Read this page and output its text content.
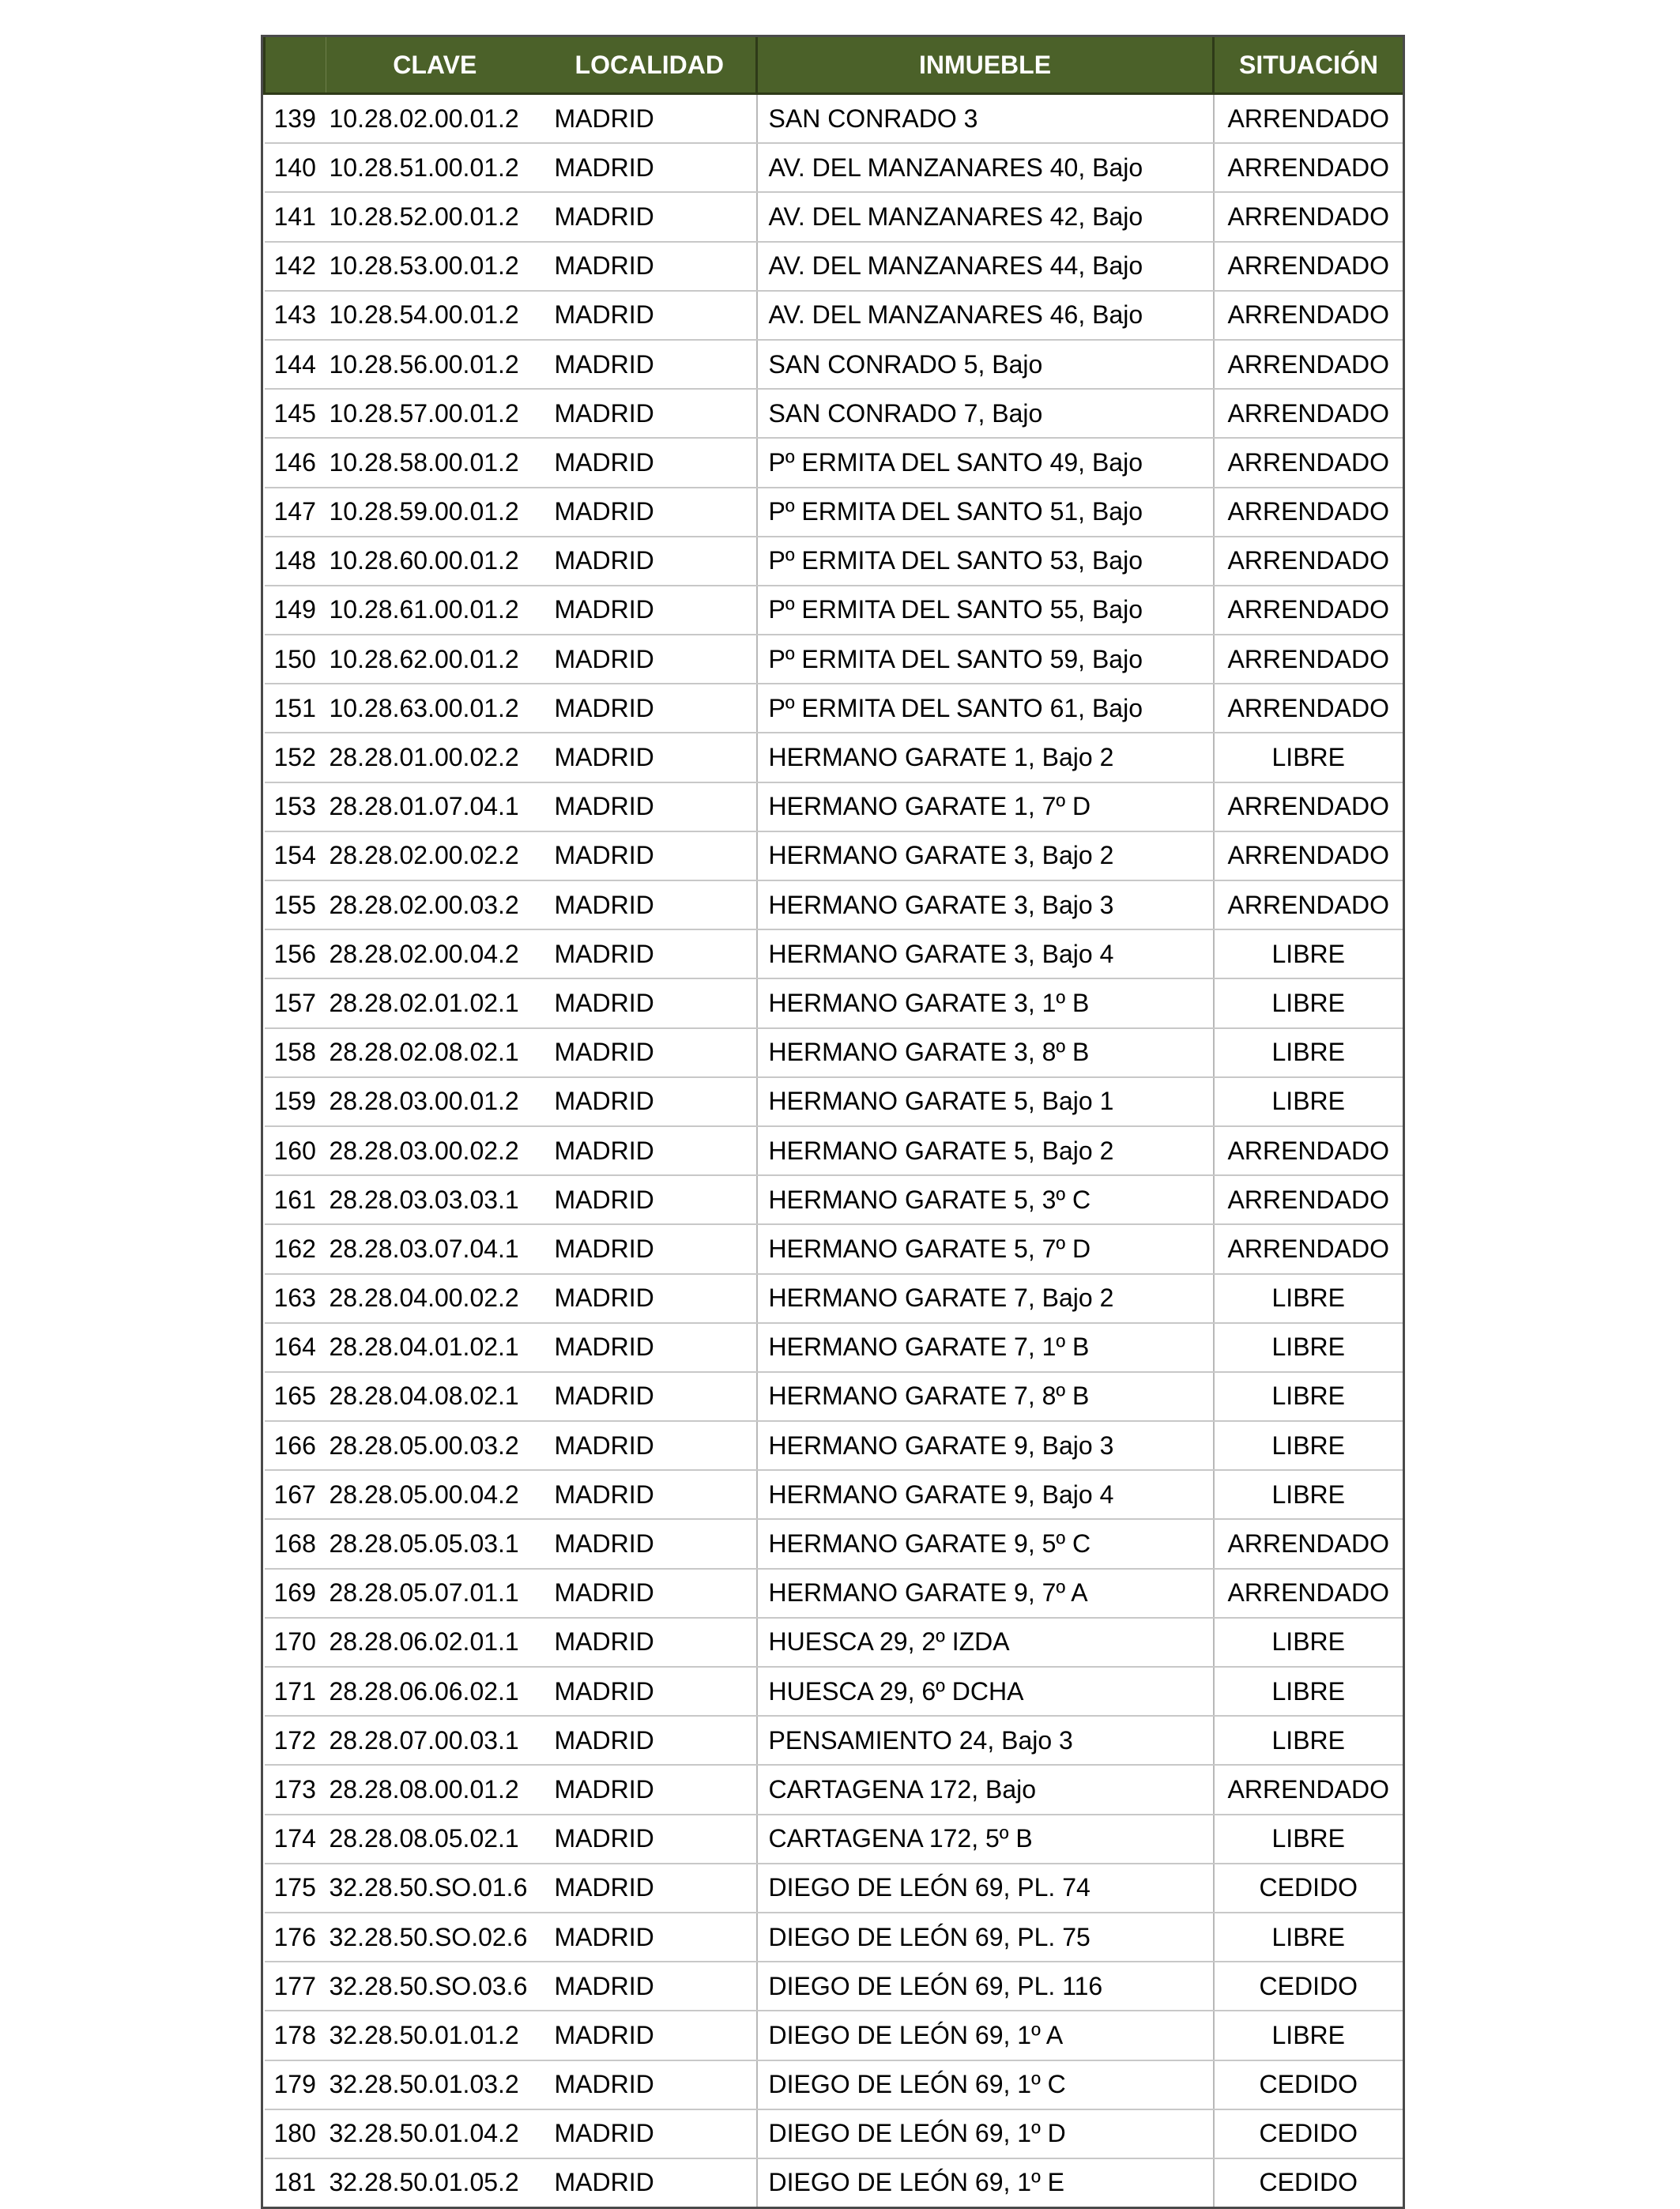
	CLAVE	LOCALIDAD	INMUEBLE	SITUACIÓN
139	10.28.02.00.01.2	MADRID	SAN CONRADO 3	ARRENDADO
140	10.28.51.00.01.2	MADRID	AV. DEL MANZANARES 40, Bajo	ARRENDADO
141	10.28.52.00.01.2	MADRID	AV. DEL MANZANARES 42, Bajo	ARRENDADO
142	10.28.53.00.01.2	MADRID	AV. DEL MANZANARES 44, Bajo	ARRENDADO
143	10.28.54.00.01.2	MADRID	AV. DEL MANZANARES 46, Bajo	ARRENDADO
144	10.28.56.00.01.2	MADRID	SAN CONRADO 5, Bajo	ARRENDADO
145	10.28.57.00.01.2	MADRID	SAN CONRADO 7, Bajo	ARRENDADO
146	10.28.58.00.01.2	MADRID	Pº ERMITA DEL SANTO 49, Bajo	ARRENDADO
147	10.28.59.00.01.2	MADRID	Pº ERMITA DEL SANTO 51, Bajo	ARRENDADO
148	10.28.60.00.01.2	MADRID	Pº ERMITA DEL SANTO 53, Bajo	ARRENDADO
149	10.28.61.00.01.2	MADRID	Pº ERMITA DEL SANTO 55, Bajo	ARRENDADO
150	10.28.62.00.01.2	MADRID	Pº ERMITA DEL SANTO 59, Bajo	ARRENDADO
151	10.28.63.00.01.2	MADRID	Pº ERMITA DEL SANTO 61, Bajo	ARRENDADO
152	28.28.01.00.02.2	MADRID	HERMANO GARATE 1, Bajo 2	LIBRE
153	28.28.01.07.04.1	MADRID	HERMANO GARATE 1, 7º D	ARRENDADO
154	28.28.02.00.02.2	MADRID	HERMANO GARATE 3, Bajo 2	ARRENDADO
155	28.28.02.00.03.2	MADRID	HERMANO GARATE 3, Bajo 3	ARRENDADO
156	28.28.02.00.04.2	MADRID	HERMANO GARATE 3, Bajo 4	LIBRE
157	28.28.02.01.02.1	MADRID	HERMANO GARATE 3, 1º B	LIBRE
158	28.28.02.08.02.1	MADRID	HERMANO GARATE 3, 8º B	LIBRE
159	28.28.03.00.01.2	MADRID	HERMANO GARATE 5, Bajo 1	LIBRE
160	28.28.03.00.02.2	MADRID	HERMANO GARATE 5, Bajo 2	ARRENDADO
161	28.28.03.03.03.1	MADRID	HERMANO GARATE 5, 3º C	ARRENDADO
162	28.28.03.07.04.1	MADRID	HERMANO GARATE 5, 7º D	ARRENDADO
163	28.28.04.00.02.2	MADRID	HERMANO GARATE 7, Bajo 2	LIBRE
164	28.28.04.01.02.1	MADRID	HERMANO GARATE 7, 1º B	LIBRE
165	28.28.04.08.02.1	MADRID	HERMANO GARATE 7, 8º B	LIBRE
166	28.28.05.00.03.2	MADRID	HERMANO GARATE 9, Bajo 3	LIBRE
167	28.28.05.00.04.2	MADRID	HERMANO GARATE 9, Bajo 4	LIBRE
168	28.28.05.05.03.1	MADRID	HERMANO GARATE 9, 5º C	ARRENDADO
169	28.28.05.07.01.1	MADRID	HERMANO GARATE 9, 7º A	ARRENDADO
170	28.28.06.02.01.1	MADRID	HUESCA 29, 2º IZDA	LIBRE
171	28.28.06.06.02.1	MADRID	HUESCA 29, 6º DCHA	LIBRE
172	28.28.07.00.03.1	MADRID	PENSAMIENTO 24, Bajo 3	LIBRE
173	28.28.08.00.01.2	MADRID	CARTAGENA 172, Bajo	ARRENDADO
174	28.28.08.05.02.1	MADRID	CARTAGENA 172, 5º B	LIBRE
175	32.28.50.SO.01.6	MADRID	DIEGO DE LEÓN 69, PL. 74	CEDIDO
176	32.28.50.SO.02.6	MADRID	DIEGO DE LEÓN 69, PL. 75	LIBRE
177	32.28.50.SO.03.6	MADRID	DIEGO DE LEÓN 69, PL. 116	CEDIDO
178	32.28.50.01.01.2	MADRID	DIEGO DE LEÓN 69, 1º A	LIBRE
179	32.28.50.01.03.2	MADRID	DIEGO DE LEÓN 69, 1º C	CEDIDO
180	32.28.50.01.04.2	MADRID	DIEGO DE LEÓN 69, 1º D	CEDIDO
181	32.28.50.01.05.2	MADRID	DIEGO DE LEÓN 69, 1º E	CEDIDO
